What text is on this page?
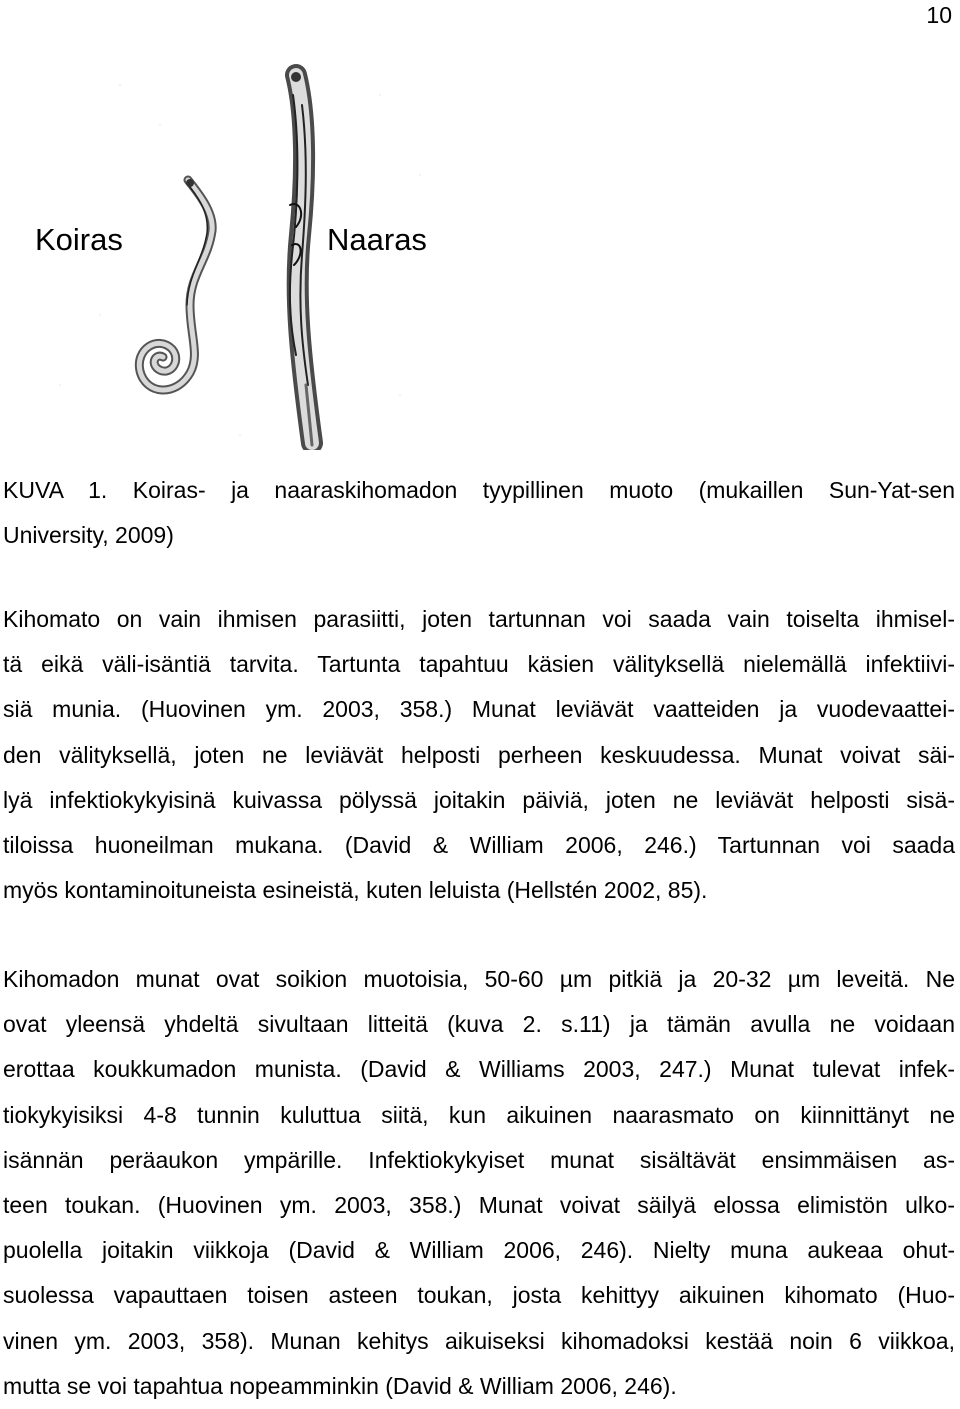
10
Koiras	Naaras
KUVA 1. Koiras- ja naaraskihomadon tyypillinen muoto (mukaillen Sun-Yat-sen
University, 2009)
Kihomato on vain ihmisen parasiitti, joten tartunnan voi saada vain toiselta ihmisel-
tä eikä väli-isäntiä tarvita. Tartunta tapahtuu käsien välityksellä nielemällä infektiivi-
siä munia. (Huovinen ym. 2003, 358.) Munat leviävät vaatteiden ja vuodevaattei-
den välityksellä, joten ne leviävät helposti perheen keskuudessa. Munat voivat säi-
lyä infektiokykyisinä kuivassa pölyssä joitakin päiviä, joten ne leviävät helposti sisä-
tiloissa huoneilman mukana. (David & William 2006, 246.) Tartunnan voi saada
myös kontaminoituneista esineistä, kuten leluista (Hellstén 2002, 85).
Kihomadon munat ovat soikion muotoisia, 50-60 µm pitkiä ja 20-32 µm leveitä. Ne
ovat yleensä yhdeltä sivultaan litteitä (kuva 2. s.11) ja tämän avulla ne voidaan
erottaa koukkumadon munista. (David & Williams 2003, 247.) Munat tulevat infek-
tiokykyisiksi 4-8 tunnin kuluttua siitä, kun aikuinen naarasmato on kiinnittänyt ne
isännän peräaukon ympärille. Infektiokykyiset munat sisältävät ensimmäisen as-
teen toukan. (Huovinen ym. 2003, 358.) Munat voivat säilyä elossa elimistön ulko-
puolella joitakin viikkoja (David & William 2006, 246). Nielty muna aukeaa ohut-
suolessa vapauttaen toisen asteen toukan, josta kehittyy aikuinen kihomato (Huo-
vinen ym. 2003, 358). Munan kehitys aikuiseksi kihomadoksi kestää noin 6 viikkoa,
mutta se voi tapahtua nopeamminkin (David & William 2006, 246).
